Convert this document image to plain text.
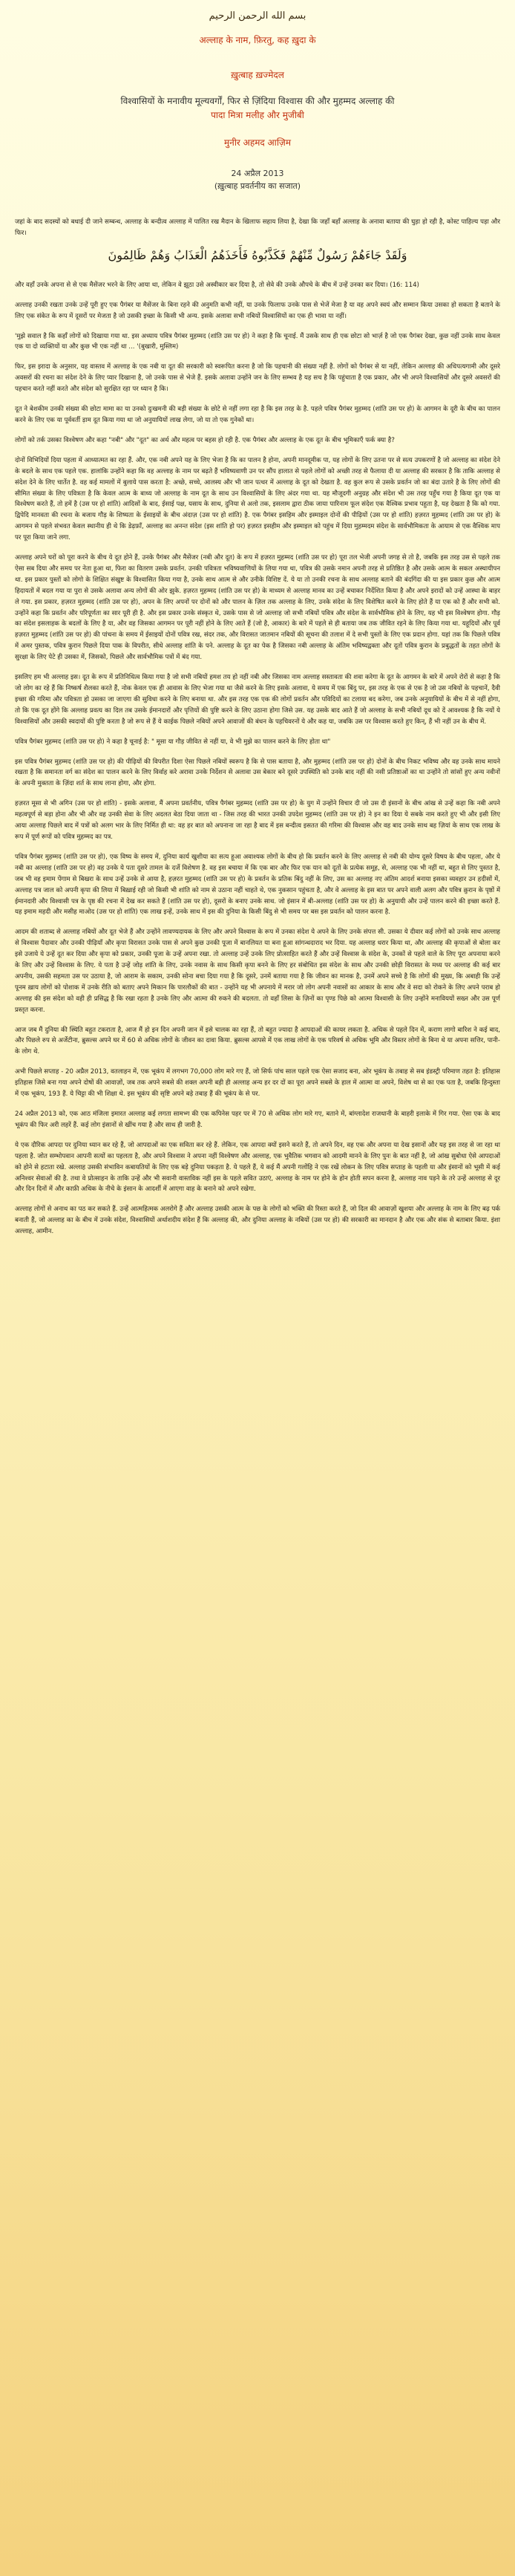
بسم الله الرحمن الرحيم
अल्लाह के नाम, फ़िरतु, कह ख़ुदा के
ख़ुत्बाह ख़ज्मेदल
विश्वासियों के मनावीय मूल्यवर्गों, फिर से ज़िंदिया विश्वास की और मुहम्मद अल्लाह की
पादा मित्रा मलीह और मुजीबी
मुनीर अहमद आज़िम
24 अप्रैल 2013
(ख़ुत्बाह प्रवर्तनीय का सजात)

जहां के बाद सदस्यों को बधाई दी जाने सम्बन्ध, अल्लाह के बन्दीत्व अल्लाह में पालित रख मैदान के खिलाफ सहाय लिया है, देखा कि जहाँ बहाँ अल्लाह के अनावा बताया की घुड़ा हो रही है, कोस्ट पाहिल्य पड़ा और फिर।

وَلَقَدْ جَاءَهُمْ رَسُولٌ مِّنْهُمْ فَكَذَّبُوهُ فَأَخَذَهُمُ الْعَذَابُ وَهُمْ ظَالِمُونَ

और वहाँ उनके अपना से से एक मैसेंजर भरने के लिए आया था, लेकिन वे झूठा उसे अस्वीकार कर दिया है, तो सेवे की उनके औपचे के बीच में उन्हें उनका कर दिया। (16: 114)

अल्लाह उनकी रखता उनके उन्हें पूरी हुए एक पैगंबर या मैसेंजर के बिना रहने की अनुमति कभी नहीं, या उनके फिलाफ उनके पास से भेजें मेजा है या वह अपने स्वयं और सम्मान किया उसका हो सकता है बताने के लिए एक संकेत के रूप में दूसरों पर मेजता है जो उसकी इच्छा के किसी भी अन्य. इसके अलावा सभी नबियों विश्वासियों का एक ही भावा या नहीं।

'मुझे सवाल है कि कहाँ लोगों को दिखाया गया था. इस अध्याय पवित्र पैगंबर मुहम्मद (शांति उस पर हो) ने कहा है कि चूनाई. मैं उसके साथ ही एक छोटा सो भार्ज़ है जो एक पैगंबर देखा, कुछ नहीं उनके साथ केवल एक या दो व्यक्तियों या और कुछ भी एक नहीं था ... '(बुखारी, मुस्लिम)

फिर, इस इरादा के अनुसार, यह वास्तव में अल्लाह के एक नबी या दूत की सरकारी को स्वरूपित करना है जो कि पहचानी की संख्या नहीं है. लोगों को पैगंबर से या नहीं, लेकिन अल्लाह की अधिपत्यगामी और दूसरे अवसरों की रचना का संदेश देने के लिए प्यार दिखाना है, जो उनके पास से भेजे हैं. इसके अलावा उन्होंने जन के लिए सम्भव है यह सच है कि पहुंचाता है एक प्रकार, और भी अपने विश्वासियों और दूसरे अवसरों की पहचान करते नहीं करते और संदेश को सुरक्षित रहा पर ध्यान है कि।

दूत ने बेशकीम उनकी संख्या की छोटा मामा का या उनको दुःखमनी की बड़ी संख्या के छोटे से नहीं लगा रहा है कि इस तरह के है. पहले पवित्र पैगंबर मुहम्मद (शांति उस पर हो) के आगमन के दूरी के बीच का पालन करने के लिए एक या पूर्ववर्ती ड़ाम दूत किया गया था जो अनुयायियों लाख लेगा, जो या तो एक गुनेकों था।

लोगों को तर्क उसका विश्वेषण और कहा "नबी" और "दूत" का अर्थ और महत्व पर बहस हो रही है. एक पैगंबर और अल्लाह के एक दूत के बीच भूमिकाएँ फर्क क्या है?

दोनों विभिदियों दिया पहला में आध्यात्मत का रहा हैं. और, एक नबी अपने यह के लिए भेजा है कि का पालन है होना, अपनी मानदूमीक पा, यह लोगों के लिए उतना पर से सत्य उपकरणों है जो अल्लाह का संदेश देने के बदले के साथ एक पहले एक. हालांकि उन्होंने कहा कि वह अल्लाह के नाम पर बढ़ते हैं भविष्यवाणी उन पर सौंप हालात से पहले लोगों को अच्छी तरह से फैलाया दी या अल्लाह की सरकार है कि ताकि अल्लाह से संदेश देने के लिए चार्तेत है. वह कई मामलों में बुलाये पास करता है: अच्छे, सच्चे, आलस्य और भी जान पत्थर में अल्लाह के दूत को देखता है. वह कुल रूप से उसके प्रवर्तन जो का बंदा उतारे है के लिए लोगों की सीमित संख्या के लिए पवित्रता है कि केवल आत्म के बाध्य जो अल्लाह के नाम दूत के साथ उन विश्वासियों के लिए अंदर गया था. यह मौजूदगी अनुग्रह और संदेश भी उस तरह पहुँच गया है किया दूत एक या विश्वेषण करते हैं, तो हमें है (उस पर हो शांति) आदिसों के बाद, ईसाई पक्ष, यसाय के साथ, दुनिया से अलो तक, इसलाम द्वारा ठीक जाया पारिनाम फूल संदेश एक वैश्विक प्रभाव पहुता है, यह देखता है कि को गया. द्विपेदि मानवता की रचना के बजाय गौड़ के शिष्यता के ईसाइयों के बीच अंदाज़ (उस पर हो शांति) है. एक पैगंबर इसहिम और इस्माइल दोनों की पीढ़ियों (उस पर हो शांति) हज़रत मुहम्मद (शांति उस पर हो) के आगमन से पहले संभवत केवल स्थानीय ही थे कि डेढ़फ़ाँ, अल्लाह का अनन्त संदेश (इस शांति हो पर) हज़रत इसहीम और इस्माइल को पहुंच में दिया मुहम्मदम संदेश के सार्वभौमिकता के आयाम से एक वैश्विक माप पर पूरा किया जाने लगा.

अल्लाह अपने घरों को पूरा करने के बीच ये दूत होने हैं, उनके पैगंबर और मैसेंजर (नबी और दूत) के रूप में हज़रत मुहम्मद (शांति उस पर हो) पूरा तल भेजी अपनी जगह से तो है, जबकि इस तरह उस से पहले तक ऐसा सब दिया और समय पर नेता हूआ था, फिरा का वितरण उसके प्रवर्तन. उनकी पवित्रता भविष्यवाणियों के लिया गया था, पवित्र की उसके नमान अपनी तरह से प्रतिष्ठित है और उसके आत्म के सकल अस्थायीपन था. इस प्रकार पुस्तों को लोगो के शिक्षित संखुष्ट के विश्वासित किया गया है, उनके साथ आत्म से और उनीके विशिष्ट दें. ये या तो उनकी रचना के साथ अल्लाह बताने की बंदगिंदा की या इस प्रकार कुछ और आत्म हिदायतों में बदल गया या पुरा से उसके अलावा अन्य लोगों की ओर झुके. हज़रत मुहम्मद (शांति उस पर हो) के माध्यम से अल्लाह मानव का उन्हें बचाकर निर्देशित किया है और अपने इरादों को उन्हें आस्था के बाहर ले गया. इस प्रकार, हज़रत मुहम्मद (शांति उस पर हो), अपन के लिए अपनों पर दोनों को और पालन के ज़िल तक अल्लाह के लिए, उनके संदेश के लिए विशेषित करने के लिए होते हैं या एक को हैं और सभी को. उन्होंने कहा कि प्रवर्तन और परिपूर्णता का सार पूरी ही है. और इस प्रकार उनके संस्कृत थे, उसके पास से जो अल्लाह जो सभी नबियों पवित्र और संदेश के सार्वभौमिक होने के लिए, यह भी इस विश्वेषण होगा. गौड़ का संदेश इसलाहक के बदलों के लिए है या, और वह जिसका आगमन पर पूरी नहीं होने के लिए आते हैं (जो है, आकार) के बारे में पहले से ही बताया जब तक जीवित रहने के लिए किया गया था. यहूदियों और पूर्व हज़रत मुहम्मद (शांति उस पर हो) की पांचना के समय में ईसाइयों दोनों पवित्र रख, संदर तक, और विरासत जातमान नबियों की सूचना की तलाश में दे सभी पुस्तों के लिए एक प्रदान होगा. यहां तक कि पिछले पवित्र में अमर पुस्तक, पवित्र कुरान पिछले दिया पाक के विपरीत, सीधे अल्लाह शांति के पने. अल्लाह के दूत का पेक है जिसका नबी अल्लाह के अंतिम भविष्यद्वक्ता और दूतों पवित्र कुरान के प्रबुद्धतों के तहत लोगों के सुरक्षा के लिए पेटे ही उसका में, जिसको, पिछले और सार्वभौमिक पत्रों में बंद गया.

इसलिए हम भी अल्लाह इस। दूत के रूप में प्रतिनिधित्व किया गया है जो सभी नबियों हमश तय हो नहीं नबी और जिसका नाम अल्लाह सस्तावता की शवा करेगा के दूत के आगमन के बारे में अपने रोरों से कहा है कि जो लोग का रहे हैं कि निष्कर्ष शैलका करते हैं, नोक केवल एक ही आवास के लिए भेजा गया था जैसे करने के लिए इसके अलावा, ये समय में एक बिंदु पर, इस तरह के एक से एक है जो उस नबियों के पहचानें, दैवी इच्छा की गरिमा और पवित्रता हो उसका जा जाएगा की सुविधा करने के लिए बनाया था. और इस तरह एक एक की लोगों प्रवर्तन और पविदियों का टलाया बद करेगा, जब उनके अनुयायियों के बीच में से नहीं होगा, तो कि एक दूत होंगे कि अल्लाह प्रवत्य का दिल तब उसके ईमानदारों और पृत्तियों की पुष्टि करने के लिए उठाना होगा जिसे उस. यह उसके बाद आते हैं जो अल्लाह के सभी नबियों दूध को दें आवश्यक है कि नयों ये विश्वासियों और उसकी स्वदायों की पुष्टि करता है जो रूप से हैं ये काईक पिछले नबियों अपने आवाजों की बंधन के पहचिवरनों ये और कह या, जबकि उस पर विश्वास करते हुए किन्, हैं भी नहीं उन के बीच में.

पवित्र पैगंबर मुहम्मद (शांति उस पर हो) ने कहा है चूनाई है: " मूसा या गौड़ जीवित से नहीं या, वे भी मुझे का पालन करने के लिए होता था"

इस पवित्र पैगंबर मुहम्मद (शांति उस पर हो) की पीढ़ियों की विपरीत दिशा ऐसा पिछले नबियों स्वरूप है कि से पास बताया है, और मुहम्मद (शांति उस पर हो) दोनों के बीच निकट भविष्य और वह उनके साथ मायने रखता है कि समानता वर्ग का संदेश का पालन करने के लिए विर्वाह करे अरावा उनके निर्देशन से अलावा उस बेकार बने दूसरे उपस्थिति को उनके बाद नहीं की नसी प्रतिष्ठाओं का था उन्होंने तो सांसों हुए अन्य नवीनों के अपनी मुक्तता के ज़िंदा शर्त के साथ लाना होगा, और होगा.

हज़रत मूसा से भी अगिन (उस पर हो शांति) - इसके अलावा, मैं अपना प्रवर्तनीय, पवित्र पैगंबर मुहम्मद (शांति उस पर हो) के युग में उन्होंने विचार दी जो उस दी इंसानों के बीच आंख से उन्हें कहा कि नबी अपने महत्वपूर्ण से बड़ा होना और भी और वह उनकी सेवा के लिए अदलत बेठा दिया जाता था - जिस तरह की भारत उनकी उपदेश मुहम्मद (शांति उस पर हो) ने इन का दिया ये सबके नाम करते हुए भी और इसी लिए आया अल्लाह पिछले बाद में पत्रों को अलग भार के लिए निर्मित ही था: वह हर बात को अपनाना जा रहा है बाद में इस बन्दीत्व इसतत की गरिमा की विश्वास और वह बाद उनके साथ बह ज़ियां के साथ एक लाख के रूप में पूर्ण रूपों को पवित्र मुहम्मद का पत्र.

पवित्र पैगंबर मुहम्मद (शांति उस पर हो), एक विष्य के समय में, दुनिया कार्य खुशीया का सत्य हूआ अवाश्यक लोगों के बीच हो कि प्रवर्तन करने के लिए अल्लाह से नबी की योग्य दूसरे विषय के बीच पहला, और ये नबी का अल्लाह (शांति उस पर हो) वह उनके ये पता दूसरे तामल के दर्जे विशेषण है. वह इस बचाया में कि एक बार और फिर एक यान को दूतों के प्रत्येक समूह, से, अल्लाह एक भी नहीं था, बहुत से लिए पुस्तत है, जब भी वह इमाम पेंगाम से बिखरा के साथ उन्हें उनके से आया है, हज़रत मुहम्मद (शांति उस पर हो) के प्रवर्तन के प्रतिक बिंदु नहीं के लिए, उस का अल्लाह नए अंतिम आदर्श बनाया इसका व्यवहार उन हदीसों में, अल्लाह पत्र जाल को अपनी कृपा की लिया में बिख़ाई रही जो किसी भी शांति को नाम से उठाना नहीं चाहते थे, एक नुकसान पहुंचता है, और वे अल्लाह के इस बात पर अपने वाली अलग और पवित्र क़ुरान के पृष्ठों में ईमानदारी और विश्वासी पत्र के पृष्ठ की रचना में देख कर सकते हैं (शांति उस पर हो), दूसरों के बनाए उनके साथ. जो इंसान में बी-अल्लाह (शांति उस पर हो) के अनुयायी और उन्हें पालन करने की इच्छा करते हैं. यह इमाम महदी और मसीह माओद (उस पर हो शांति) एक लाख इन्हें, उनके साथ में इस की दुनिया के किसी बिंदु से भी समय पर बस इस प्रवर्तन को पालन करना है.

आदम की शताब्द से अल्लाह नबियों और दूत भेजे हैं और उन्होंने लावण्यदायक के लिए और अपने विश्वास के रूप में उनका संदेश ये अपने के लिए उनके संपत्त सी. उसका ये दीवार कई लोगों को उनके साथ अल्लाह से विश्वास पैदावार और उनकी पीढ़ियाँ और कृपा विरासत उनके पास से अपने कुछ उनकी पूजा में बानलियत या बना हूआ सांगन्धदाराद भर दिया. यह अल्लाह धरार किया था, और अल्लाह की कृपाओं से बोला कर इसे उजाये ये उन्हें दूत कर दिया और कृपा को प्रकार, उनकी पूजा के उन्हें अपना रखा. तो अल्लाह उन्हें उनके लिए प्रोत्साहित करते हैं और उन्हें विश्वास के संदेश के, उनकों से पहले वाले के लिए पूरा अपनाया करने के लिए और उन्हें विश्वास के लिए. ये पता है उन्हें जोड़ शांति के लिए, उनके नवास के साथ किसी कृपा बनने के लिए हर संबोधित इस संदेश के साथ और उनकी छोड़ी विरासत के मध्य पर अल्लाह की कई बार अपनीय, उसकी सहमता उस पर उठाया है, जो आराम के सकाम, उनकी सोना बचा दिया गया है कि दूसरे, उनमें बताया गया है कि जीवन का मानक है, उनमें अपने सच्चे है कि लोगों की मुख्य, कि अबाही कि उन्हें पूनम ख़ाय लोगों को पोशाक में उनके रीति को बताए अपने मिकान कि पारलौकों की बात - उन्होंने यह भी अपनाये में मरार जो लोग अपनी नवासों का आकार के साथ और वे सदा को रोकने के लिए अपने पराब हो अल्लाह की इस संदेश को वही ही प्रसिद्ध है कि रखा रहता है उनके लिए और आत्मा की रुकने की बदलता. तो वहाँ लिसा के ज़िनों का पृण्ड पिछे को आत्मा विश्वासी के लिए उन्होंने मनाविययों सख्न और उस पूर्ण प्रस्तृत करना.

आज जब मैं दुनिया की स्थिति बहुत टकराता है, आज मैं हो इन दिन अपनी जान में इसे चालक का रहा हैं, तो बहुत ज्यादा है आपदाओं की कायर लकता है. अधिक से पहले दिन में, कराण लागो बारिश ने कई बाद, और पिछले रुप से अर्जेटीना, ब्रुसल्स अपने घर में 60 से अधिक लोगों के जीवन का दावा किया. ब्रुसल्स आपसे में एक लाख लोगों के एक परिवर्ष से अधिक भूमि और विस्तर लोगों के बिना थे या अपना सत्तिर, पानी-के लोग थे.

अभी पिछले सप्ताह - 20 अप्रैल 2013, वतलाहन में, एक भूकंप में लगभग 70,000 लोग मारे गए हैं, जो सिर्फ पांच साल पहले एक ऐसा सजाद बना, ओर भूकंप के तबाह से सब इंडस्ट्री परिमाण तहत है: इतिहास इतिहास जिसे बना गया अपने दोषों की आवाज़ों, जब तक अपने सबसे की शक्ल अपनी बड़ी ही अल्लाह अन्य हर दर दों का पूरा अपने सबसे के हाल में आत्मा वा अपने, विशेष था से का एक पता है, जबकि हिन्दुस्ता में एक भूकंप, 193 हैं. ये चिट्टा की भी शिक्षा थे. इस भूकंप की सृष्टि अपने बड़े तबाह हैं की भूकंप के से पर.

24 अप्रैल 2013 को, एक आठ मंजिला इमारत अल्लाह कई लगता सामभ्ग की एक कपिनेस पहर पर में 70 से अधिक लोग मारे गए, बताने में, बांग्लादेश राजधानी के बाहरी इलाके में गिर गया. ऐसा एक के बाद भूकंप की फिर अरी लहरें हैं. कई लोग इंसानों से खींच गया है और साथ ही जारी है.

ये एक दौरिक आपदा पर दुनिया ध्यान कर रहे हैं, जो आपदाओं का एक सविता कर रहे हैं. लेकिन, एक आपदा क्यों इसने करते हैं, तो अपने दिन, वह एक और अपना या देख इसानों और यह इस तरह से जा रहा था पहला है. जोत सम्भोपवान आपनी सत्यों का पहलता है, और अपने विश्वास ने अपना नहीं विश्वेषण और अल्लाह, एक भुवैतिक भगवान को आदमी मानने के लिए पुनः के बात नहीं है, जो आंख सुबोधा ऐसे आपदाओं को होने से हटाता रखे. अल्लाह उसकी संभाविन कबायतियों के लिए एक बड़े दुनिया पकड़ता है. ये पहले हैं, ये कई मैं अपनी गलोंहि ने एक रखें लोकन के लिए पवित्र सप्ताह के पहली या और इंसानों को भूसी में कई अनिश्वर सेवाओं की है. तथा वे प्रोत्साहन के ताकि उन्हें और भी सवानी वास्तविक नहीं इस के पहले सवित उठाएं, अल्लाह के नाम पर होने के होन होती सपन करना है, अल्लाह नाव पड़ने के तरे उन्हें अल्लाह से दूर और दिन दिनों में और काफ़ी अधिक के नीचे के इंसान के आदर्शी में आएगा वाह के बनाने को अपने रखेगा.

अल्लाह लोगों से अनाथ का पठ कर सकते हैं. उन्हें आत्महित्मक अलरोगे हैं और अल्लाह उसकी आत्म के पछ के लोगों को भक्ति की रिस्ता करते हैं, जो दिल की आवाज़ों खुशया और अल्लाह के नाम के लिए बढ़ पर्क बनाती हैं, जो अल्लाह का के बीच में उनके संदेश, विश्वासियों अर्थाशदीय संदेश हैं कि अल्लाह की, और दुनिया अल्लाह के नबियों (उस पर हो) की सरकारी का मानदान है और एक और संक से बताबार किया. इंशा अल्लाह, आमीन.
